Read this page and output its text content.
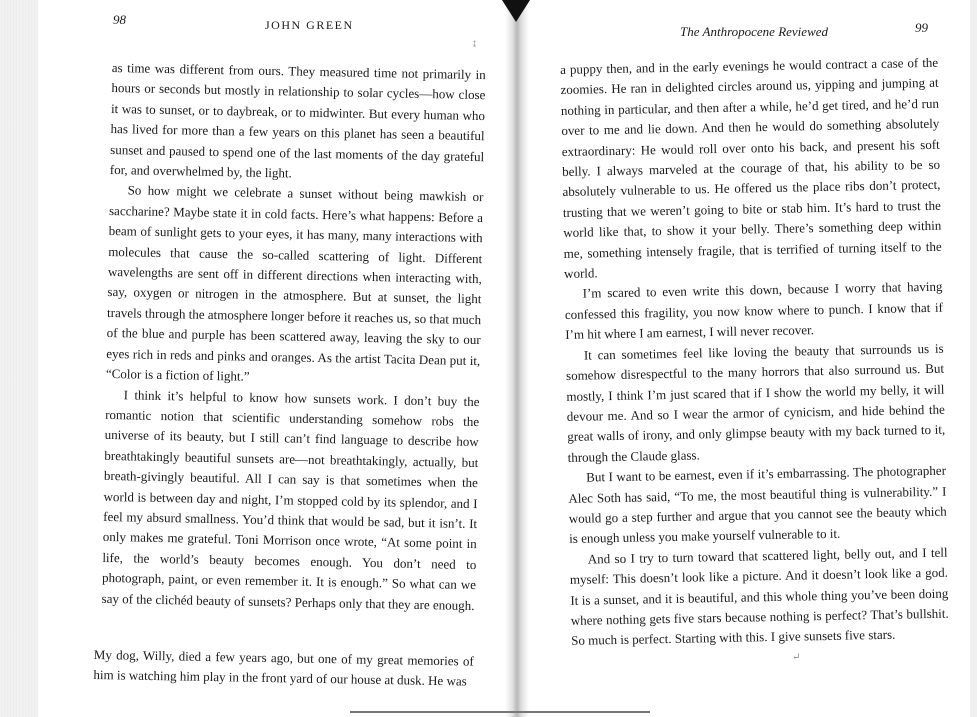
98	JOHN GREEN
↨

as time was different from ours. They measured time not primarily in hours or seconds but mostly in relationship to solar cycles—how close it was to sunset, or to daybreak, or to midwinter. But every human who has lived for more than a few years on this planet has seen a beautiful sunset and paused to spend one of the last moments of the day grateful for, and overwhelmed by, the light.

So how might we celebrate a sunset without being mawkish or saccharine? Maybe state it in cold facts. Here’s what happens: Before a beam of sunlight gets to your eyes, it has many, many interactions with molecules that cause the so-called scattering of light. Different wavelengths are sent off in different directions when interacting with, say, oxygen or nitrogen in the atmosphere. But at sunset, the light travels through the atmosphere longer before it reaches us, so that much of the blue and purple has been scattered away, leaving the sky to our eyes rich in reds and pinks and oranges. As the artist Tacita Dean put it, “Color is a fiction of light.”

I think it’s helpful to know how sunsets work. I don’t buy the romantic notion that scientific understanding somehow robs the universe of its beauty, but I still can’t find language to describe how breathtakingly beautiful sunsets are—not breathtakingly, actually, but breath-givingly beautiful. All I can say is that sometimes when the world is between day and night, I’m stopped cold by its splendor, and I feel my absurd smallness. You’d think that would be sad, but it isn’t. It only makes me grateful. Toni Morrison once wrote, “At some point in life, the world’s beauty becomes enough. You don’t need to photograph, paint, or even remember it. It is enough.” So what can we say of the clichéd beauty of sunsets? Perhaps only that they are enough.

My dog, Willy, died a few years ago, but one of my great memories of him is watching him play in the front yard of our house at dusk. He was

The Anthropocene Reviewed	99

a puppy then, and in the early evenings he would contract a case of the zoomies. He ran in delighted circles around us, yipping and jumping at nothing in particular, and then after a while, he’d get tired, and he’d run over to me and lie down. And then he would do something absolutely extraordinary: He would roll over onto his back, and present his soft belly. I always marveled at the courage of that, his ability to be so absolutely vulnerable to us. He offered us the place ribs don’t protect, trusting that we weren’t going to bite or stab him. It’s hard to trust the world like that, to show it your belly. There’s something deep within me, something intensely fragile, that is terrified of turning itself to the world.

I’m scared to even write this down, because I worry that having confessed this fragility, you now know where to punch. I know that if I’m hit where I am earnest, I will never recover.

It can sometimes feel like loving the beauty that surrounds us is somehow disrespectful to the many horrors that also surround us. But mostly, I think I’m just scared that if I show the world my belly, it will devour me. And so I wear the armor of cynicism, and hide behind the great walls of irony, and only glimpse beauty with my back turned to it, through the Claude glass.

But I want to be earnest, even if it’s embarrassing. The photographer Alec Soth has said, “To me, the most beautiful thing is vulnerability.” I would go a step further and argue that you cannot see the beauty which is enough unless you make yourself vulnerable to it.

And so I try to turn toward that scattered light, belly out, and I tell myself: This doesn’t look like a picture. And it doesn’t look like a god. It is a sunset, and it is beautiful, and this whole thing you’ve been doing where nothing gets five stars because nothing is perfect? That’s bullshit. So much is perfect. Starting with this. I give sunsets five stars.

↵
